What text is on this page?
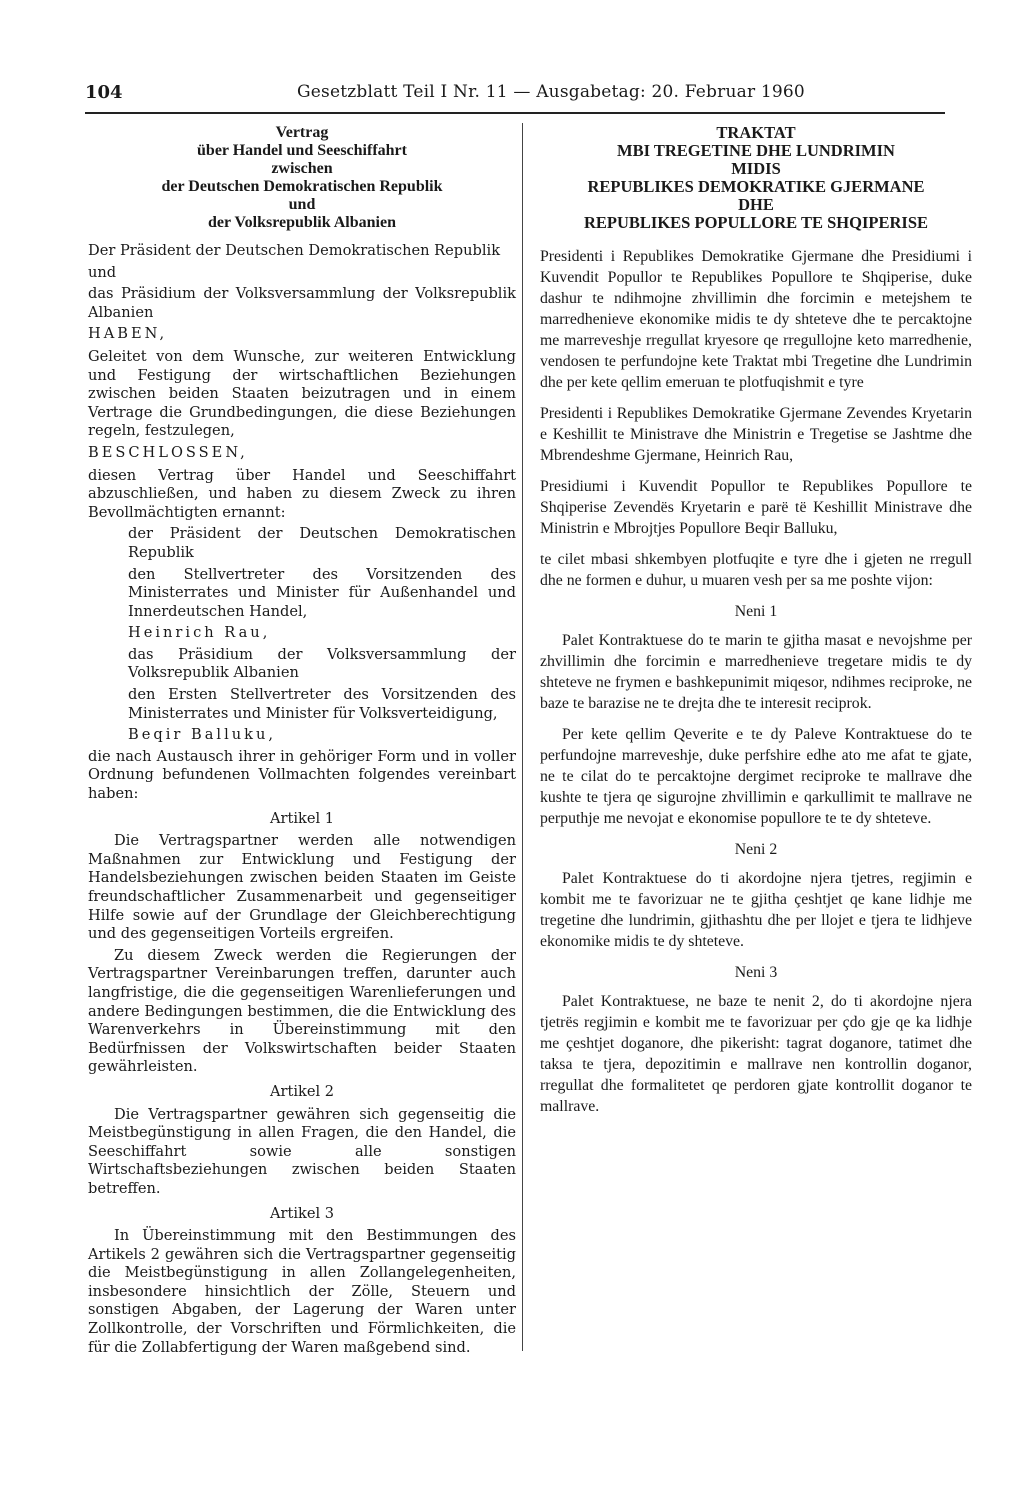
104	Gesetzblatt Teil I Nr. 11 — Ausgabetag: 20. Februar 1960
Vertrag
über Handel und Seeschiffahrt
zwischen
der Deutschen Demokratischen Republik
und
der Volksrepublik Albanien

Der Präsident der Deutschen Demokratischen Republik

und

das Präsidium der Volksversammlung der Volksrepublik Albanien

HABEN,

Geleitet von dem Wunsche, zur weiteren Entwicklung und Festigung der wirtschaftlichen Beziehungen zwischen beiden Staaten beizutragen und in einem Vertrage die Grundbedingungen, die diese Beziehungen regeln, festzulegen,

BESCHLOSSEN,

diesen Vertrag über Handel und Seeschiffahrt abzuschließen, und haben zu diesem Zweck zu ihren Bevollmächtigten ernannt:

der Präsident der Deutschen Demokratischen Republik

den Stellvertreter des Vorsitzenden des Ministerrates und Minister für Außenhandel und Innerdeutschen Handel,

Heinrich Rau,

das Präsidium der Volksversammlung der Volksrepublik Albanien

den Ersten Stellvertreter des Vorsitzenden des Ministerrates und Minister für Volksverteidigung,

Beqir Balluku,

die nach Austausch ihrer in gehöriger Form und in voller Ordnung befundenen Vollmachten folgendes vereinbart haben:

Artikel 1

Die Vertragspartner werden alle notwendigen Maßnahmen zur Entwicklung und Festigung der Handelsbeziehungen zwischen beiden Staaten im Geiste freundschaftlicher Zusammenarbeit und gegenseitiger Hilfe sowie auf der Grundlage der Gleichberechtigung und des gegenseitigen Vorteils ergreifen.

Zu diesem Zweck werden die Regierungen der Vertragspartner Vereinbarungen treffen, darunter auch langfristige, die die gegenseitigen Warenlieferungen und andere Bedingungen bestimmen, die die Entwicklung des Warenverkehrs in Übereinstimmung mit den Bedürfnissen der Volkswirtschaften beider Staaten gewährleisten.

Artikel 2

Die Vertragspartner gewähren sich gegenseitig die Meistbegünstigung in allen Fragen, die den Handel, die Seeschiffahrt sowie alle sonstigen Wirtschaftsbeziehungen zwischen beiden Staaten betreffen.

Artikel 3

In Übereinstimmung mit den Bestimmungen des Artikels 2 gewähren sich die Vertragspartner gegenseitig die Meistbegünstigung in allen Zollangelegenheiten, insbesondere hinsichtlich der Zölle, Steuern und sonstigen Abgaben, der Lagerung der Waren unter Zollkontrolle, der Vorschriften und Förmlichkeiten, die für die Zollabfertigung der Waren maßgebend sind.

TRAKTAT
MBI TREGETINE DHE LUNDRIMIN
MIDIS
REPUBLIKES DEMOKRATIKE GJERMANE
DHE
REPUBLIKES POPULLORE TE SHQIPERISE

Presidenti i Republikes Demokratike Gjermane dhe Presidiumi i Kuvendit Popullor te Republikes Popullore te Shqiperise, duke dashur te ndihmojne zhvillimin dhe forcimin e metejshem te marredhenieve ekonomike midis te dy shteteve dhe te percaktojne me marreveshje rregullat kryesore qe rregullojne keto marredhenie, vendosen te perfundojne kete Traktat mbi Tregetine dhe Lundrimin dhe per kete qellim emeruan te plotfuqishmit e tyre

Presidenti i Republikes Demokratike Gjermane Zevendes Kryetarin e Keshillit te Ministrave dhe Ministrin e Tregetise se Jashtme dhe Mbrendeshme Gjermane, Heinrich Rau,

Presidiumi i Kuvendit Popullor te Republikes Popullore te Shqiperise Zevendës Kryetarin e parë të Keshillit Ministrave dhe Ministrin e Mbrojtjes Popullore Beqir Balluku,

te cilet mbasi shkembyen plotfuqite e tyre dhe i gjeten ne rregull dhe ne formen e duhur, u muaren vesh per sa me poshte vijon:

Neni 1

Palet Kontraktuese do te marin te gjitha masat e nevojshme per zhvillimin dhe forcimin e marredhenieve tregetare midis te dy shteteve ne frymen e bashkepunimit miqesor, ndihmes reciproke, ne baze te barazise ne te drejta dhe te interesit reciprok.

Per kete qellim Qeverite e te dy Paleve Kontraktuese do te perfundojne marreveshje, duke perfshire edhe ato me afat te gjate, ne te cilat do te percaktojne dergimet reciproke te mallrave dhe kushte te tjera qe sigurojne zhvillimin e qarkullimit te mallrave ne perputhje me nevojat e ekonomise popullore te te dy shteteve.

Neni 2

Palet Kontraktuese do ti akordojne njera tjetres, regjimin e kombit me te favorizuar ne te gjitha çeshtjet qe kane lidhje me tregetine dhe lundrimin, gjithashtu dhe per llojet e tjera te lidhjeve ekonomike midis te dy shteteve.

Neni 3

Palet Kontraktuese, ne baze te nenit 2, do ti akordojne njera tjetrës regjimin e kombit me te favorizuar per çdo gje qe ka lidhje me çeshtjet doganore, dhe pikerisht: tagrat doganore, tatimet dhe taksa te tjera, depozitimin e mallrave nen kontrollin doganor, rregullat dhe formalitetet qe perdoren gjate kontrollit doganor te mallrave.
